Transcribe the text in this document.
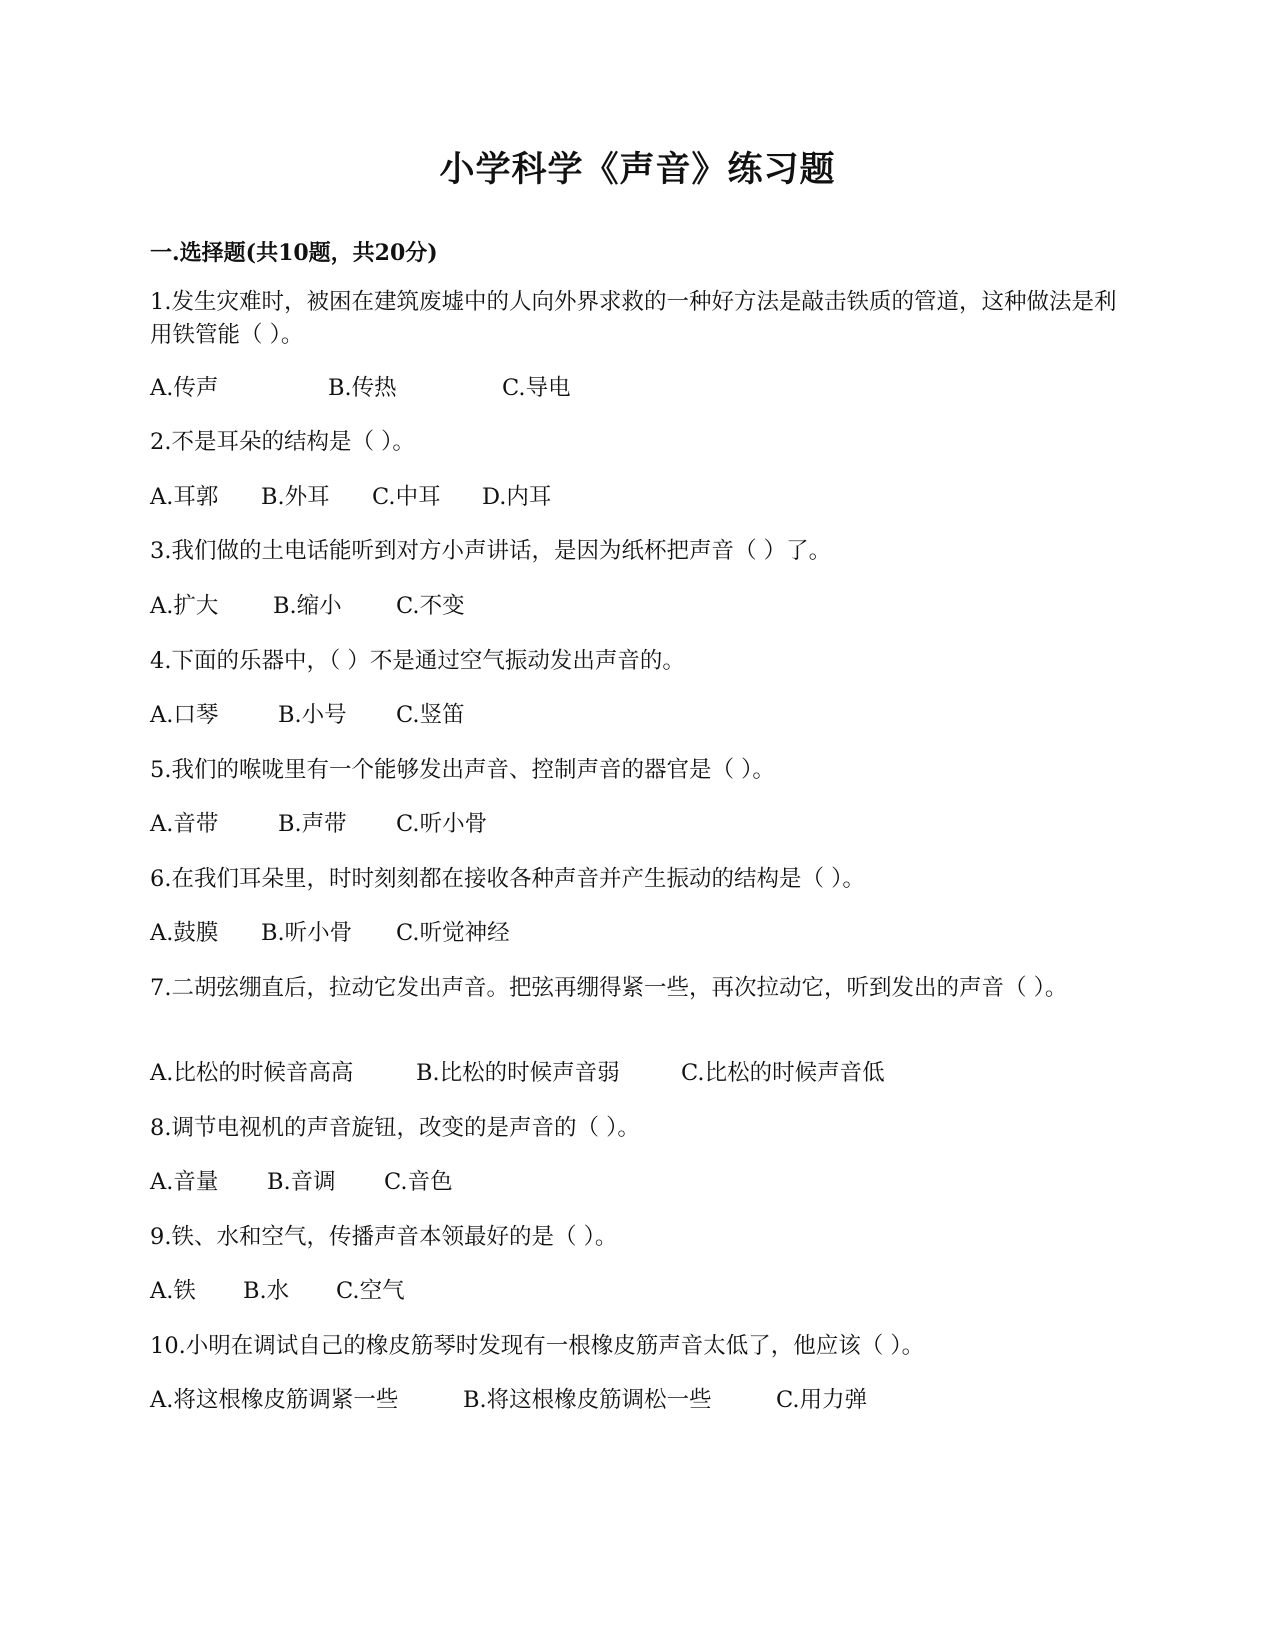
小学科学《声音》练习题
一.选择题(共10题，共20分)
1.发生灾难时，被困在建筑废墟中的人向外界求救的一种好方法是敲击铁质的管道，这种做法是利用铁管能（ ）。
A.传声	B.传热	C.导电
2.不是耳朵的结构是（ ）。
A.耳郭 B.外耳 C.中耳 D.内耳
3.我们做的土电话能听到对方小声讲话，是因为纸杯把声音（ ）了。
A.扩大 B.缩小 C.不变
4.下面的乐器中，（ ）不是通过空气振动发出声音的。
A.口琴	B.小号 C.竖笛
5.我们的喉咙里有一个能够发出声音、控制声音的器官是（ ）。
A.音带	B.声带 C.听小骨
6.在我们耳朵里，时时刻刻都在接收各种声音并产生振动的结构是（ ）。
A.鼓膜 B.听小骨 C.听觉神经
7.二胡弦绷直后，拉动它发出声音。把弦再绷得紧一些，再次拉动它，听到发出的声音（ ）。
A.比松的时候音高高	B.比松的时候声音弱	C.比松的时候声音低
8.调节电视机的声音旋钮，改变的是声音的（ ）。
A.音量 B.音调 C.音色
9.铁、水和空气，传播声音本领最好的是（ ）。
A.铁 B.水 C.空气
10.小明在调试自己的橡皮筋琴时发现有一根橡皮筋声音太低了，他应该（ ）。
A.将这根橡皮筋调紧一些	B.将这根橡皮筋调松一些	C.用力弹
